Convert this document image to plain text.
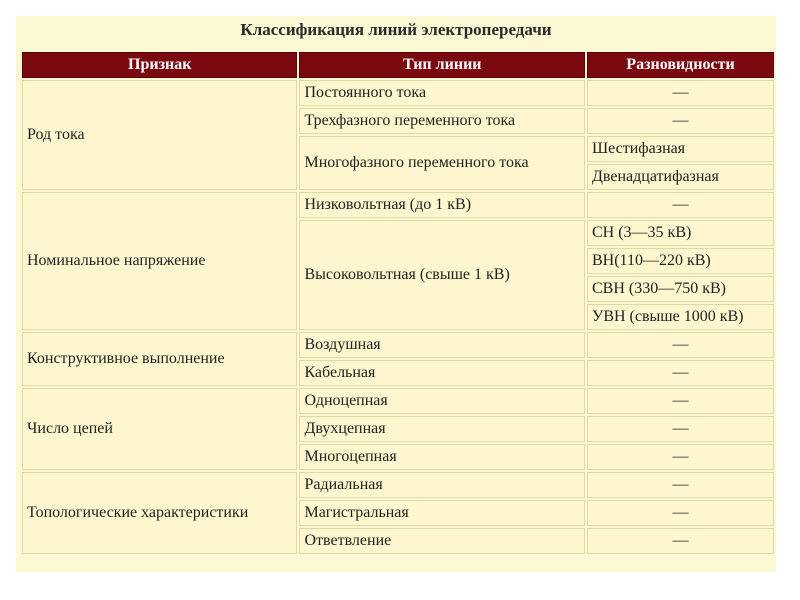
Классификация линий электропередачи
Признак	Тип линии	Разновидности
Род тока	Постоянного тока	—
	Трехфазного переменного тока	—
	Многофазного переменного тока	Шестифазная
		Двенадцатифазная
Номинальное напряжение	Низковольтная (до 1 кВ)	—
	Высоковольтная (свыше 1 кВ)	СН (3—35 кВ)
		ВН(110—220 кВ)
		СВН (330—750 кВ)
		УВН (свыше 1000 кВ)
Конструктивное выполнение	Воздушная	—
	Кабельная	—
Число цепей	Одноцепная	—
	Двухцепная	—
	Многоцепная	—
Топологические характеристики	Радиальная	—
	Магистральная	—
	Ответвление	—
